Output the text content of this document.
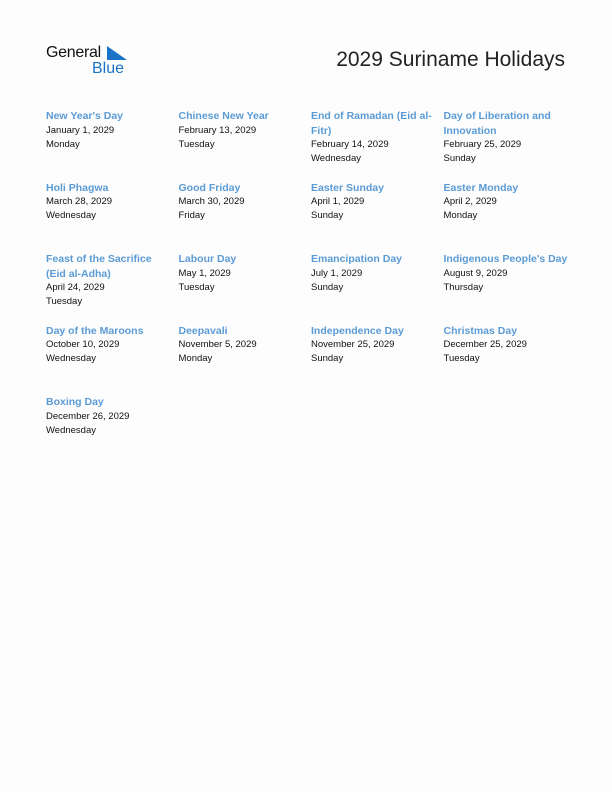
General
Blue	2029 Suriname Holidays
New Year's Day
January 1, 2029
Monday
Chinese New Year
February 13, 2029
Tuesday
End of Ramadan (Eid al-Fitr)
February 14, 2029
Wednesday
Day of Liberation and Innovation
February 25, 2029
Sunday
Holi Phagwa
March 28, 2029
Wednesday
Good Friday
March 30, 2029
Friday
Easter Sunday
April 1, 2029
Sunday
Easter Monday
April 2, 2029
Monday
Feast of the Sacrifice (Eid al-Adha)
April 24, 2029
Tuesday
Labour Day
May 1, 2029
Tuesday
Emancipation Day
July 1, 2029
Sunday
Indigenous People's Day
August 9, 2029
Thursday
Day of the Maroons
October 10, 2029
Wednesday
Deepavali
November 5, 2029
Monday
Independence Day
November 25, 2029
Sunday
Christmas Day
December 25, 2029
Tuesday
Boxing Day
December 26, 2029
Wednesday
